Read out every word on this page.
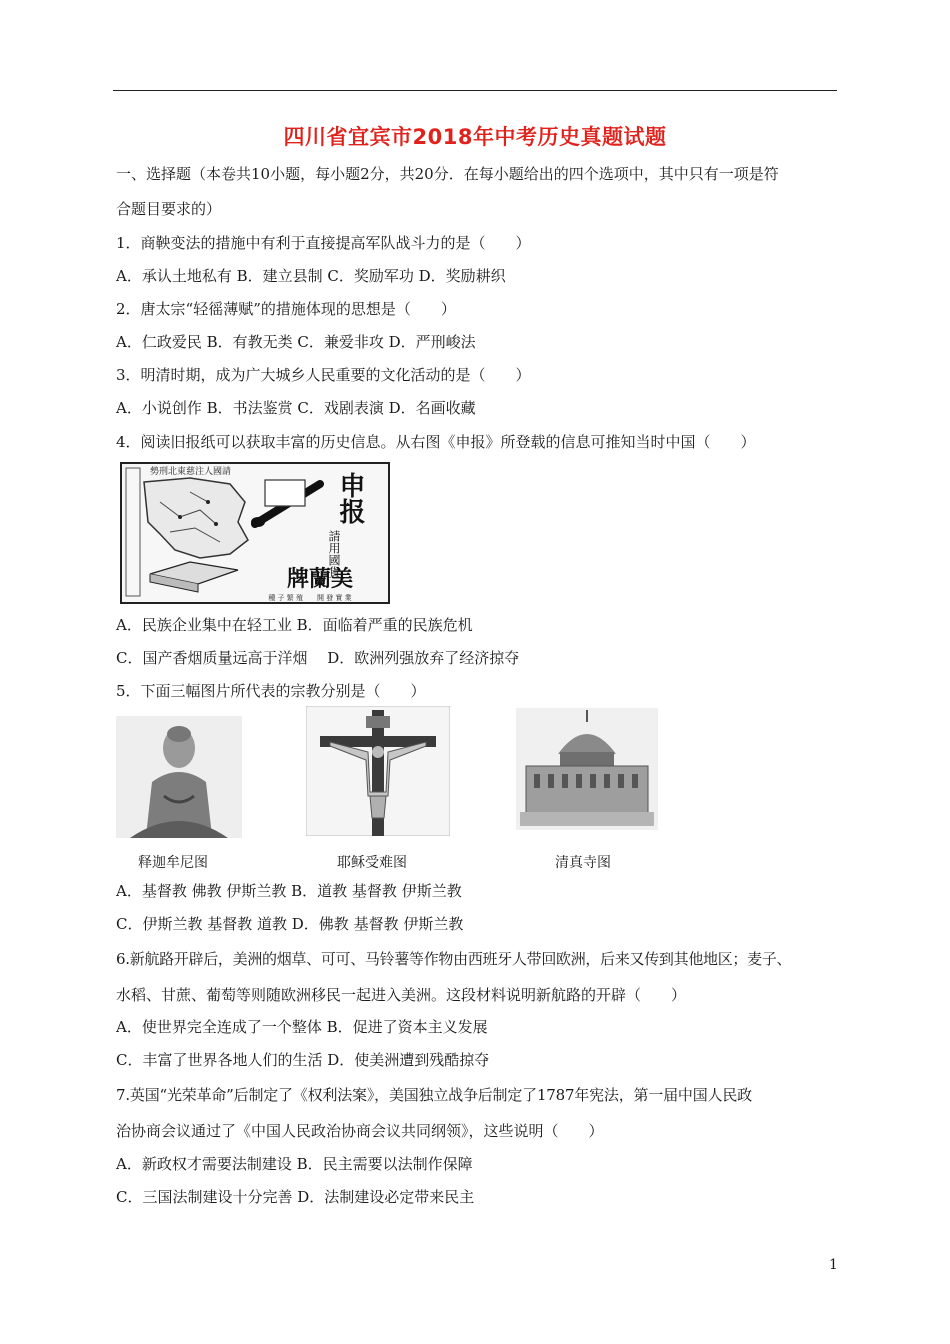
四川省宜宾市2018年中考历史真题试题
一、选择题（本卷共10小题，每小题2分，共20分．在每小题给出的四个选项中，其中只有一项是符
合题目要求的）
1．商鞅变法的措施中有利于直接提高军队战斗力的是（　　）
A．承认土地私有 B．建立县制 C．奖励军功 D．奖励耕织
2．唐太宗“轻徭薄赋”的措施体现的思想是（　　）
A．仁政爱民 B．有教无类 C．兼爱非攻 D．严刑峻法
3．明清时期，成为广大城乡人民重要的文化活动的是（　　）
A．小说创作 B．书法鉴赏 C．戏剧表演 D．名画收藏
4．阅读旧报纸可以获取丰富的历史信息。从右图《申报》所登载的信息可推知当时中国（　　）
勢刑北東慈注人國請	申报
請用國貨
牌蘭美
種 子 繁 殖　　開 發 實 業
A．民族企业集中在轻工业 B．面临着严重的民族危机
C．国产香烟质量远高于洋烟　 D．欧洲列强放弃了经济掠夺
5．下面三幅图片所代表的宗教分别是（　　）
释迦牟尼图	耶稣受难图	清真寺图
A．基督教 佛教 伊斯兰教 B．道教 基督教 伊斯兰教
C．伊斯兰教 基督教 道教 D．佛教 基督教 伊斯兰教
6.新航路开辟后，美洲的烟草、可可、马铃薯等作物由西班牙人带回欧洲，后来又传到其他地区；麦子、
水稻、甘蔗、葡萄等则随欧洲移民一起进入美洲。这段材料说明新航路的开辟（　　）
A．使世界完全连成了一个整体 B．促进了资本主义发展
C．丰富了世界各地人们的生活 D．使美洲遭到残酷掠夺
7.英国“光荣革命”后制定了《权利法案》，美国独立战争后制定了1787年宪法，第一届中国人民政
治协商会议通过了《中国人民政治协商会议共同纲领》，这些说明（　　）
A．新政权才需要法制建设 B．民主需要以法制作保障
C．三国法制建设十分完善 D．法制建设必定带来民主
1
